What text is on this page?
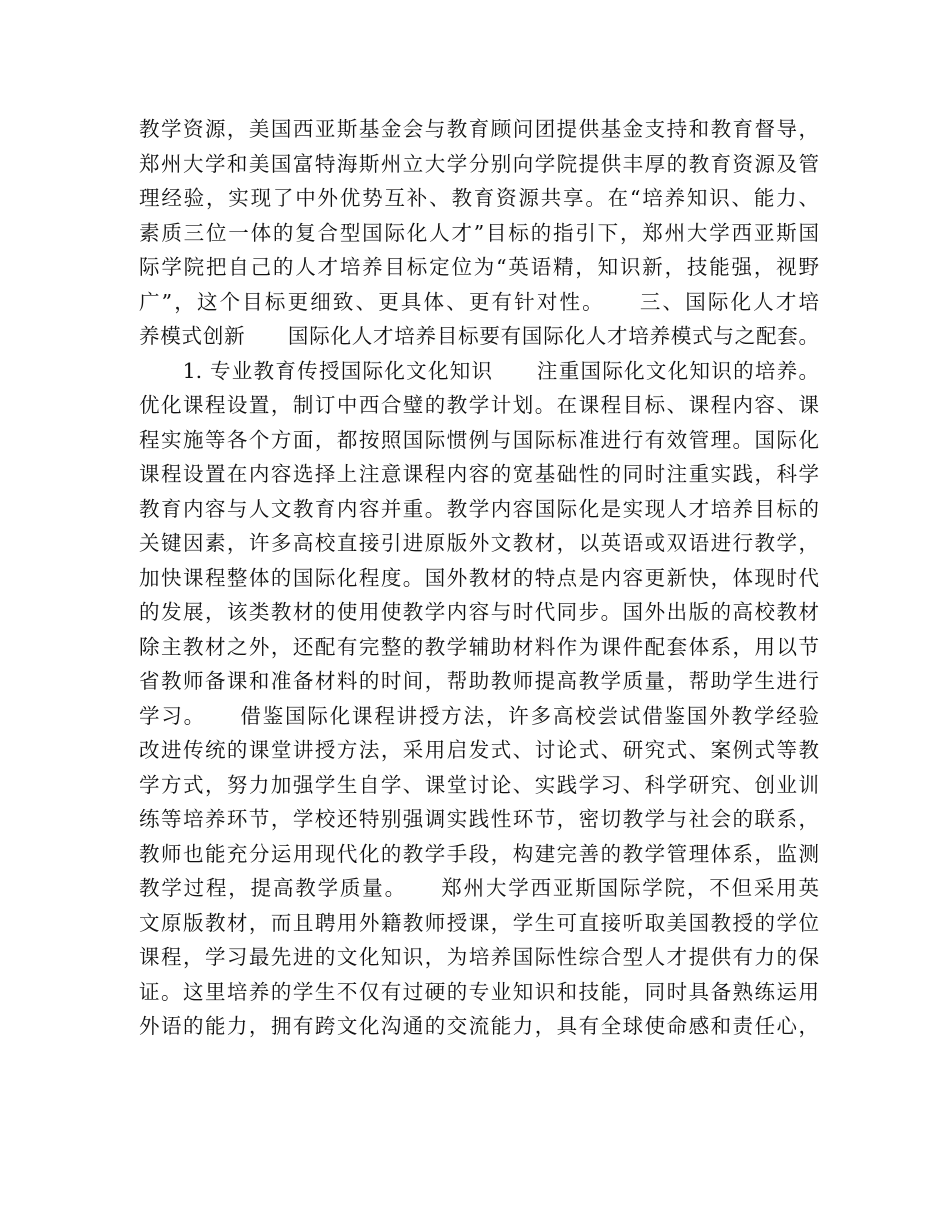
教学资源，美国西亚斯基金会与教育顾问团提供基金支持和教育督导，
郑州大学和美国富特海斯州立大学分别向学院提供丰厚的教育资源及管
理经验，实现了中外优势互补、教育资源共享。在“培养知识、能力、
素质三位一体的复合型国际化人才”目标的指引下，郑州大学西亚斯国
际学院把自己的人才培养目标定位为“英语精，知识新，技能强，视野
广”，这个目标更细致、更具体、更有针对性。　　三、国际化人才培
养模式创新　　国际化人才培养目标要有国际化人才培养模式与之配套。
　　1. 专业教育传授国际化文化知识　　注重国际化文化知识的培养。
优化课程设置，制订中西合璧的教学计划。在课程目标、课程内容、课
程实施等各个方面，都按照国际惯例与国际标准进行有效管理。国际化
课程设置在内容选择上注意课程内容的宽基础性的同时注重实践，科学
教育内容与人文教育内容并重。教学内容国际化是实现人才培养目标的
关键因素，许多高校直接引进原版外文教材，以英语或双语进行教学，
加快课程整体的国际化程度。国外教材的特点是内容更新快，体现时代
的发展，该类教材的使用使教学内容与时代同步。国外出版的高校教材
除主教材之外，还配有完整的教学辅助材料作为课件配套体系，用以节
省教师备课和准备材料的时间，帮助教师提高教学质量，帮助学生进行
学习。　　借鉴国际化课程讲授方法，许多高校尝试借鉴国外教学经验
改进传统的课堂讲授方法，采用启发式、讨论式、研究式、案例式等教
学方式，努力加强学生自学、课堂讨论、实践学习、科学研究、创业训
练等培养环节，学校还特别强调实践性环节，密切教学与社会的联系，
教师也能充分运用现代化的教学手段，构建完善的教学管理体系，监测
教学过程，提高教学质量。　　郑州大学西亚斯国际学院，不但采用英
文原版教材，而且聘用外籍教师授课，学生可直接听取美国教授的学位
课程，学习最先进的文化知识，为培养国际性综合型人才提供有力的保
证。这里培养的学生不仅有过硬的专业知识和技能，同时具备熟练运用
外语的能力，拥有跨文化沟通的交流能力，具有全球使命感和责任心，
